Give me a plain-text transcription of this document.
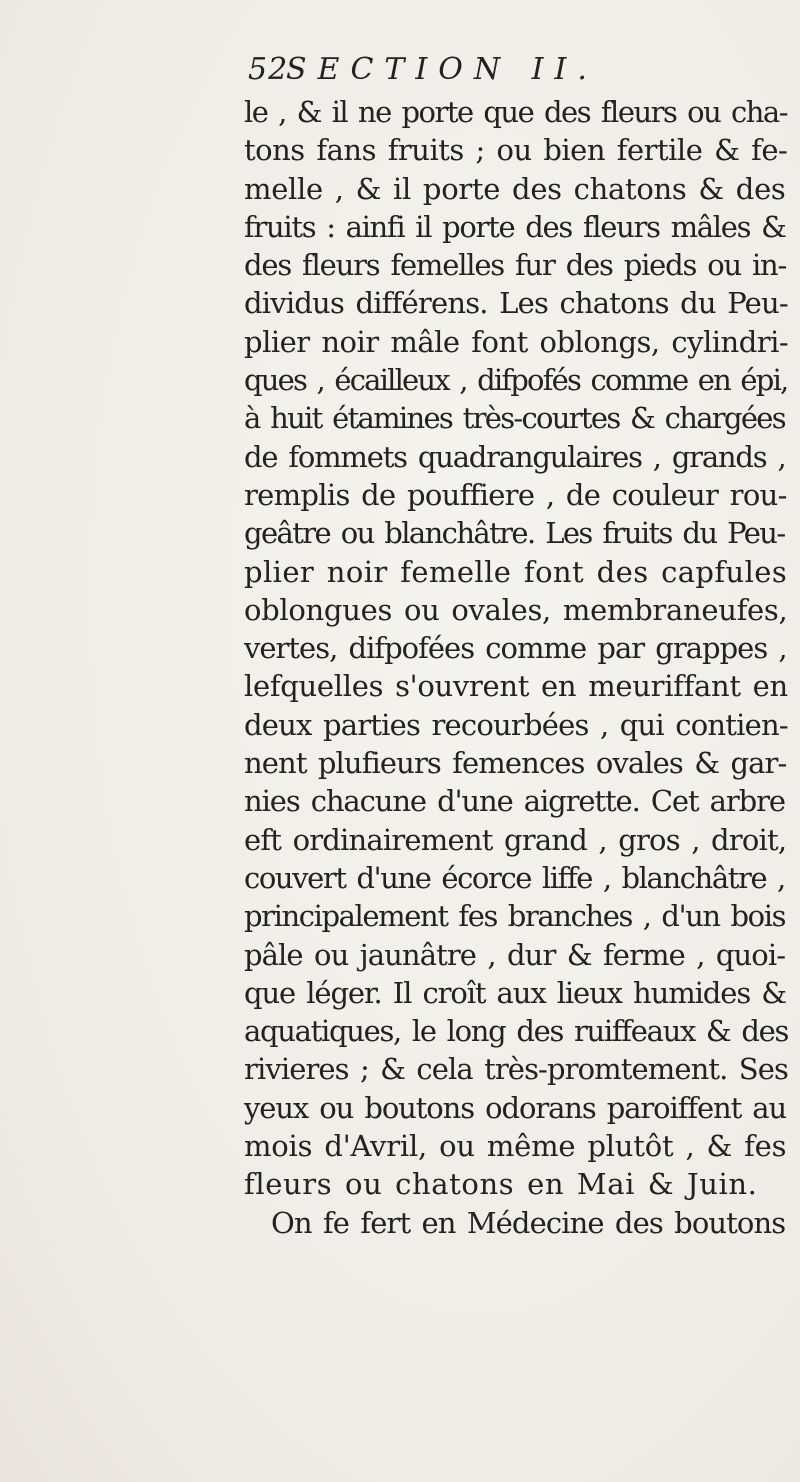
52
SECTION II.
le , & il ne porte que des fleurs ou cha-
tons fans fruits ; ou bien fertile & fe-
melle , & il porte des chatons & des
fruits : ainfi il porte des fleurs mâles &
des fleurs femelles fur des pieds ou in-
dividus différens. Les chatons du Peu-
plier noir mâle font oblongs, cylindri-
ques , écailleux , difpofés comme en épi,
à huit étamines très-courtes & chargées
de fommets quadrangulaires , grands ,
remplis de pouffiere , de couleur rou-
geâtre ou blanchâtre. Les fruits du Peu-
plier noir femelle font des capfules
oblongues ou ovales, membraneufes,
vertes, difpofées comme par grappes ,
lefquelles s'ouvrent en meuriffant en
deux parties recourbées , qui contien-
nent plufieurs femences ovales & gar-
nies chacune d'une aigrette. Cet arbre
eft ordinairement grand , gros , droit,
couvert d'une écorce liffe , blanchâtre ,
principalement fes branches , d'un bois
pâle ou jaunâtre , dur & ferme , quoi-
que léger. Il croît aux lieux humides &
aquatiques, le long des ruiffeaux & des
rivieres ; & cela très-promtement. Ses
yeux ou boutons odorans paroiffent au
mois d'Avril, ou même plutôt , & fes
fleurs ou chatons en Mai & Juin.
On fe fert en Médecine des boutons
